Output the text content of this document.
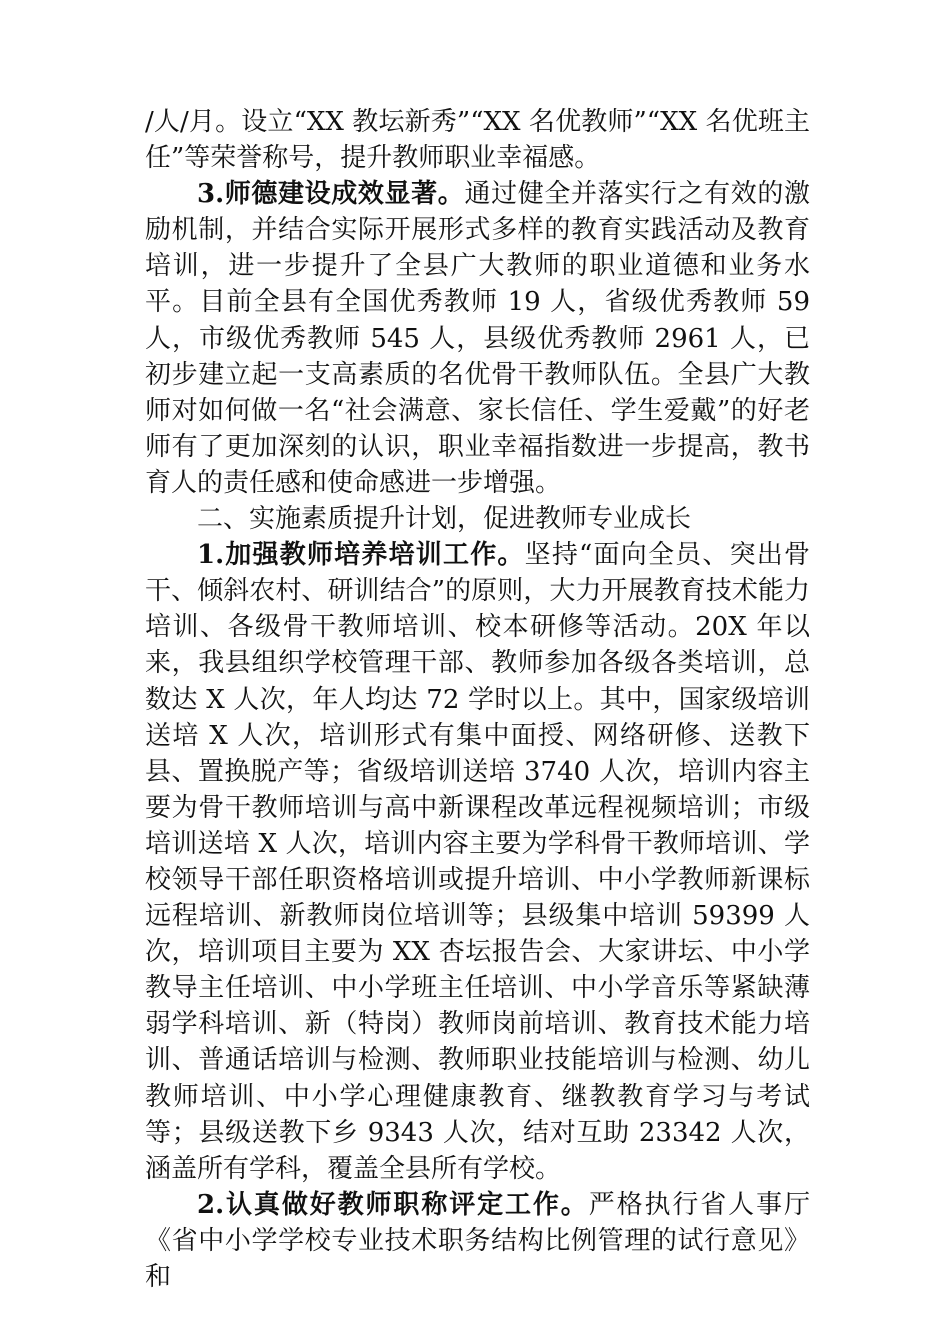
/人/月。设立“XX 教坛新秀”“XX 名优教师”“XX 名优班主任”等荣誉称号，提升教师职业幸福感。

3.师德建设成效显著。通过健全并落实行之有效的激励机制，并结合实际开展形式多样的教育实践活动及教育培训，进一步提升了全县广大教师的职业道德和业务水平。目前全县有全国优秀教师 19 人，省级优秀教师 59 人，市级优秀教师 545 人，县级优秀教师 2961 人，已初步建立起一支高素质的名优骨干教师队伍。全县广大教师对如何做一名“社会满意、家长信任、学生爱戴”的好老师有了更加深刻的认识，职业幸福指数进一步提高，教书育人的责任感和使命感进一步增强。

二、实施素质提升计划，促进教师专业成长

1.加强教师培养培训工作。坚持“面向全员、突出骨干、倾斜农村、研训结合”的原则，大力开展教育技术能力培训、各级骨干教师培训、校本研修等活动。20X 年以来，我县组织学校管理干部、教师参加各级各类培训，总数达 X 人次，年人均达 72 学时以上。其中，国家级培训送培 X 人次，培训形式有集中面授、网络研修、送教下县、置换脱产等；省级培训送培 3740 人次，培训内容主要为骨干教师培训与高中新课程改革远程视频培训；市级培训送培 X 人次，培训内容主要为学科骨干教师培训、学校领导干部任职资格培训或提升培训、中小学教师新课标远程培训、新教师岗位培训等；县级集中培训 59399 人次，培训项目主要为 XX 杏坛报告会、大家讲坛、中小学教导主任培训、中小学班主任培训、中小学音乐等紧缺薄弱学科培训、新（特岗）教师岗前培训、教育技术能力培训、普通话培训与检测、教师职业技能培训与检测、幼儿教师培训、中小学心理健康教育、继教教育学习与考试等；县级送教下乡 9343 人次，结对互助 23342 人次，涵盖所有学科，覆盖全县所有学校。

2.认真做好教师职称评定工作。严格执行省人事厅《省中小学学校专业技术职务结构比例管理的试行意见》和
